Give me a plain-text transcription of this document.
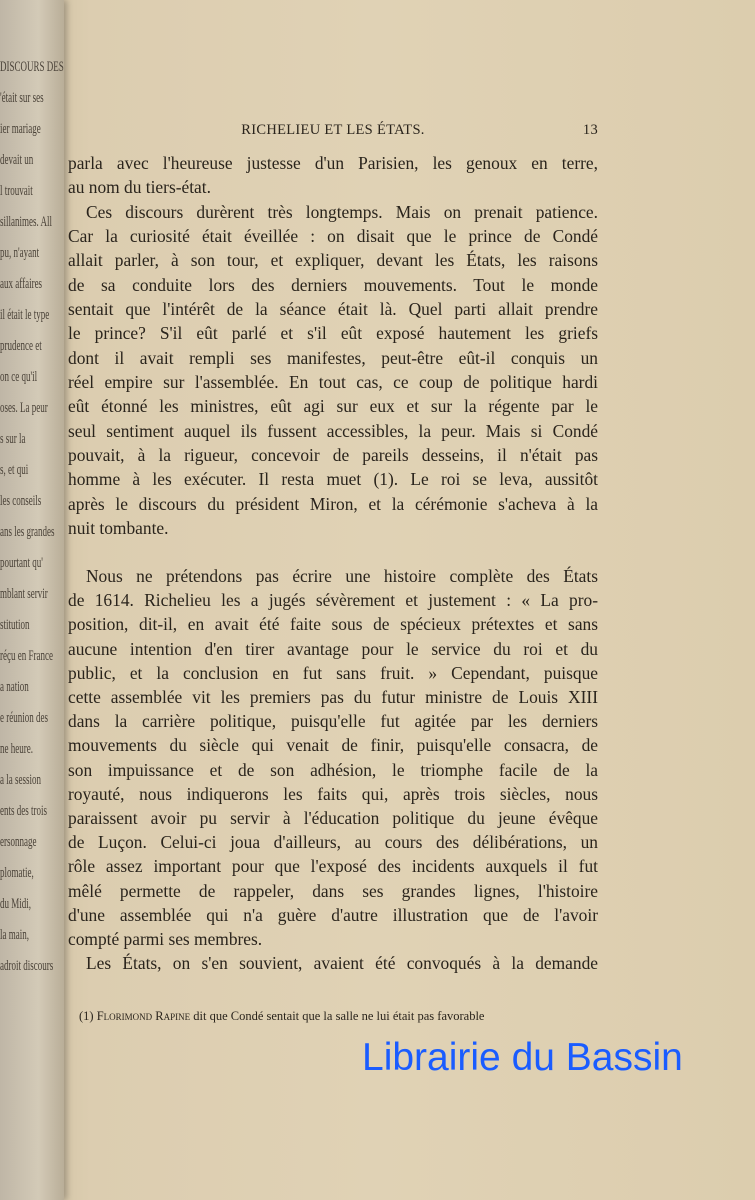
DISCOURS DES
'était sur ses
ier mariage
devait un
l trouvait
sillanimes. All
pu, n'ayant
aux affaires
il était le type
prudence et
on ce qu'il
oses. La peur
s sur la
s, et qui
les conseils
ans les grandes
pourtant qu'
mblant servir
stitution
réçu en France
a nation
e réunion des
ne heure.
a la session
ents des trois
ersonnage
plomatie,
du Midi,
la main,
adroit discours
RICHELIEU ET LES ÉTATS.	13
parla avec l'heureuse justesse d'un Parisien, les genoux en terre,
au nom du tiers-état.
Ces discours durèrent très longtemps. Mais on prenait patience.
Car la curiosité était éveillée : on disait que le prince de Condé
allait parler, à son tour, et expliquer, devant les États, les raisons
de sa conduite lors des derniers mouvements. Tout le monde
sentait que l'intérêt de la séance était là. Quel parti allait prendre
le prince? S'il eût parlé et s'il eût exposé hautement les griefs
dont il avait rempli ses manifestes, peut-être eût-il conquis un
réel empire sur l'assemblée. En tout cas, ce coup de politique hardi
eût étonné les ministres, eût agi sur eux et sur la régente par le
seul sentiment auquel ils fussent accessibles, la peur. Mais si Condé
pouvait, à la rigueur, concevoir de pareils desseins, il n'était pas
homme à les exécuter. Il resta muet (1). Le roi se leva, aussitôt
après le discours du président Miron, et la cérémonie s'acheva à la
nuit tombante.
Nous ne prétendons pas écrire une histoire complète des États
de 1614. Richelieu les a jugés sévèrement et justement : « La pro-
position, dit-il, en avait été faite sous de spécieux prétextes et sans
aucune intention d'en tirer avantage pour le service du roi et du
public, et la conclusion en fut sans fruit. » Cependant, puisque
cette assemblée vit les premiers pas du futur ministre de Louis XIII
dans la carrière politique, puisqu'elle fut agitée par les derniers
mouvements du siècle qui venait de finir, puisqu'elle consacra, de
son impuissance et de son adhésion, le triomphe facile de la
royauté, nous indiquerons les faits qui, après trois siècles, nous
paraissent avoir pu servir à l'éducation politique du jeune évêque
de Luçon. Celui-ci joua d'ailleurs, au cours des délibérations, un
rôle assez important pour que l'exposé des incidents auxquels il fut
mêlé permette de rappeler, dans ses grandes lignes, l'histoire
d'une assemblée qui n'a guère d'autre illustration que de l'avoir
compté parmi ses membres.
Les États, on s'en souvient, avaient été convoqués à la demande
(1) Florimond Rapine dit que Condé sentait que la salle ne lui était pas favorable
Librairie du Bassin
